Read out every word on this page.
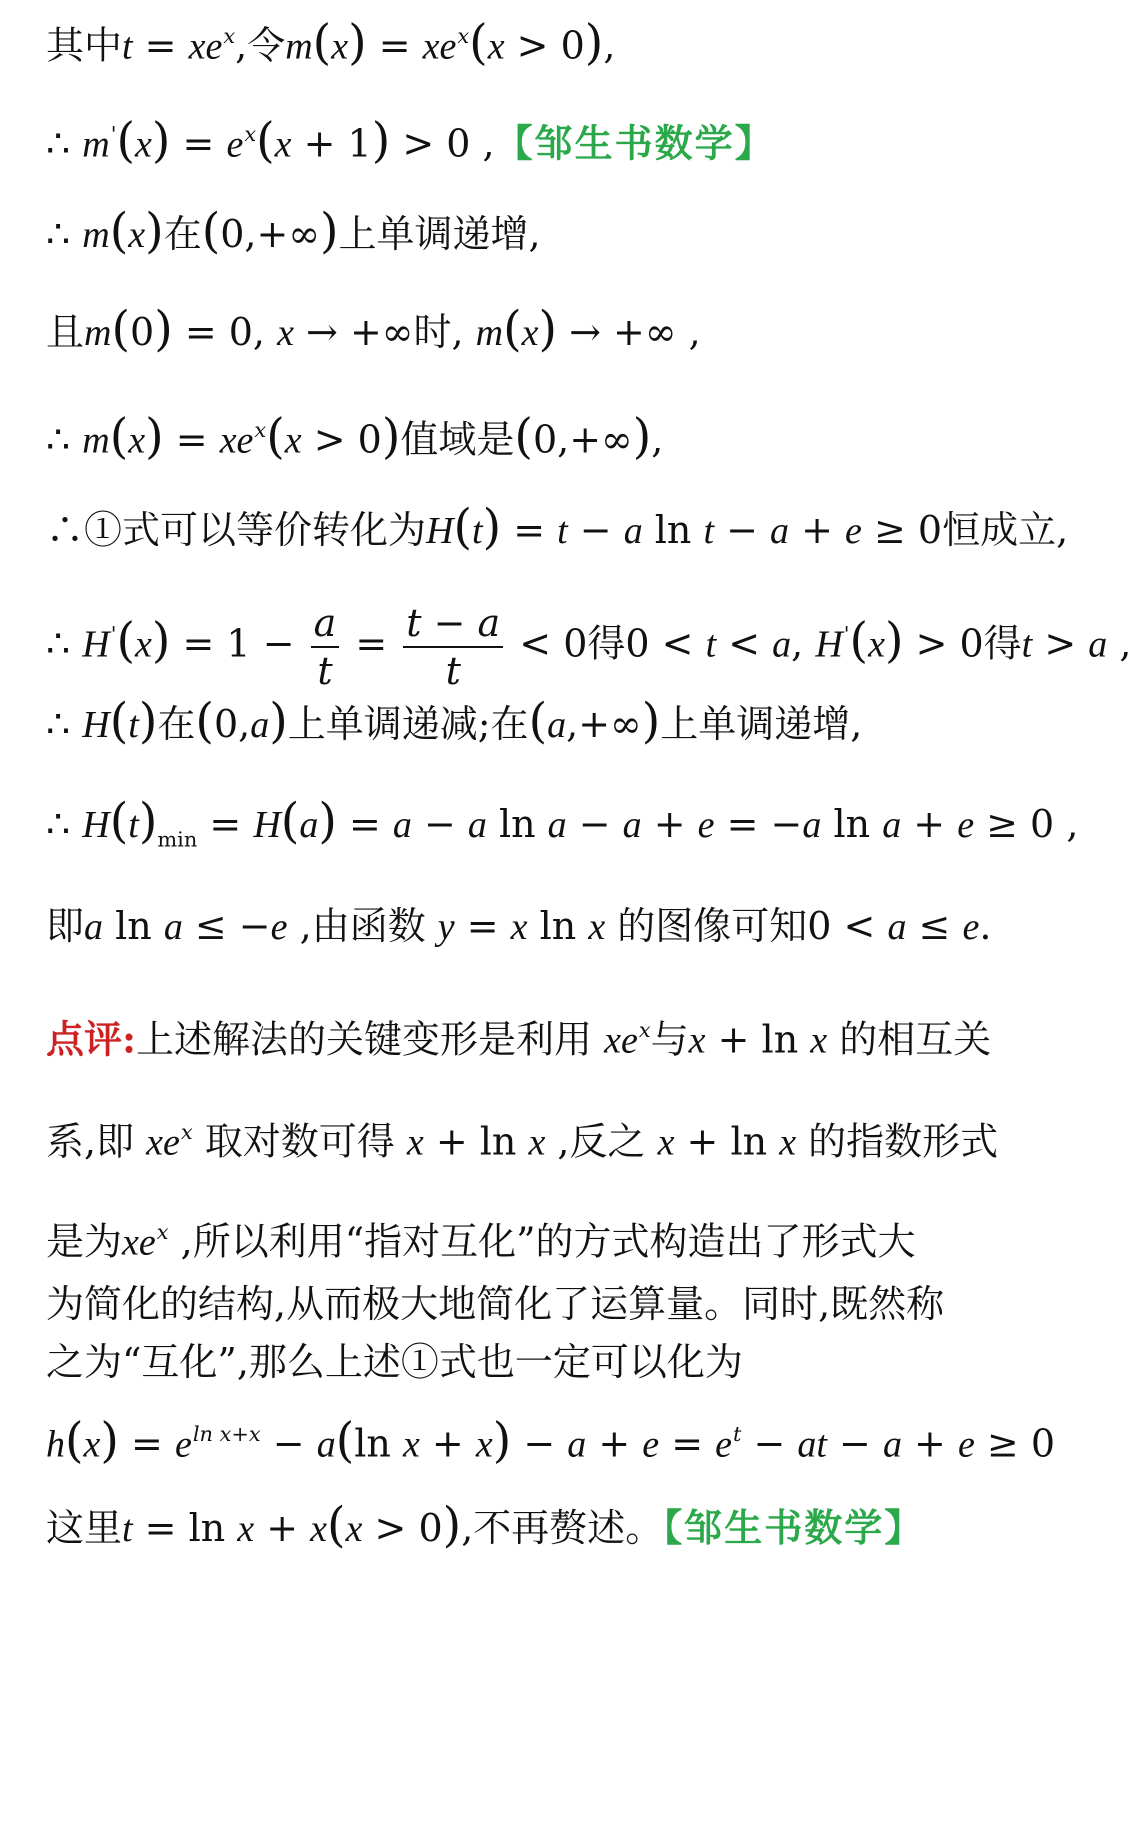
其中$t = xe^x$,令$m(x) = xe^x(x > 0)$,
∴ $m'(x) = e^x(x + 1) > 0$ ,【邹生书数学】
∴ m(x)在(0,+∞)上单调递增,
且m(0) = 0, x → +∞时, m(x) → +∞ ,
∴ $m(x) = xe^x(x > 0)$值域是(0,+∞),
∴①式可以等价转化为H(t) = t − a ln t − a + e ≥ 0恒成立,
∴ $H'(x) = 1 - \frac{a}{t} = \frac{t - a}{t} < 0$得0 < t < a, H'(x) > 0得t > a ,
∴ H(t)在(0,a)上单调递减;在(a,+∞)上单调递增,
∴ $H(t)_{min} = H(a) = a - a$ ln a − a + e = −a ln a + e ≥ 0 ,
即a ln a ≤ −e ,由函数 y = x ln x 的图像可知0 < a ≤ e.
点评:上述解法的关键变形是利用 $xe^x$与x + ln x 的相互关
系,即 $xe^x$ 取对数可得 x + ln x ,反之 x + ln x 的指数形式
是为$xe^x$ ,所以利用“指对互化”的方式构造出了形式大
为简化的结构,从而极大地简化了运算量。同时,既然称
之为“互化”,那么上述①式也一定可以化为
$h(x) = e^{ln x+x} - a(\ln$ $x + x) - a + e = e^t$ − at − a + e ≥ 0
这里t = ln x + x(x > 0),不再赘述。【邹生书数学】
